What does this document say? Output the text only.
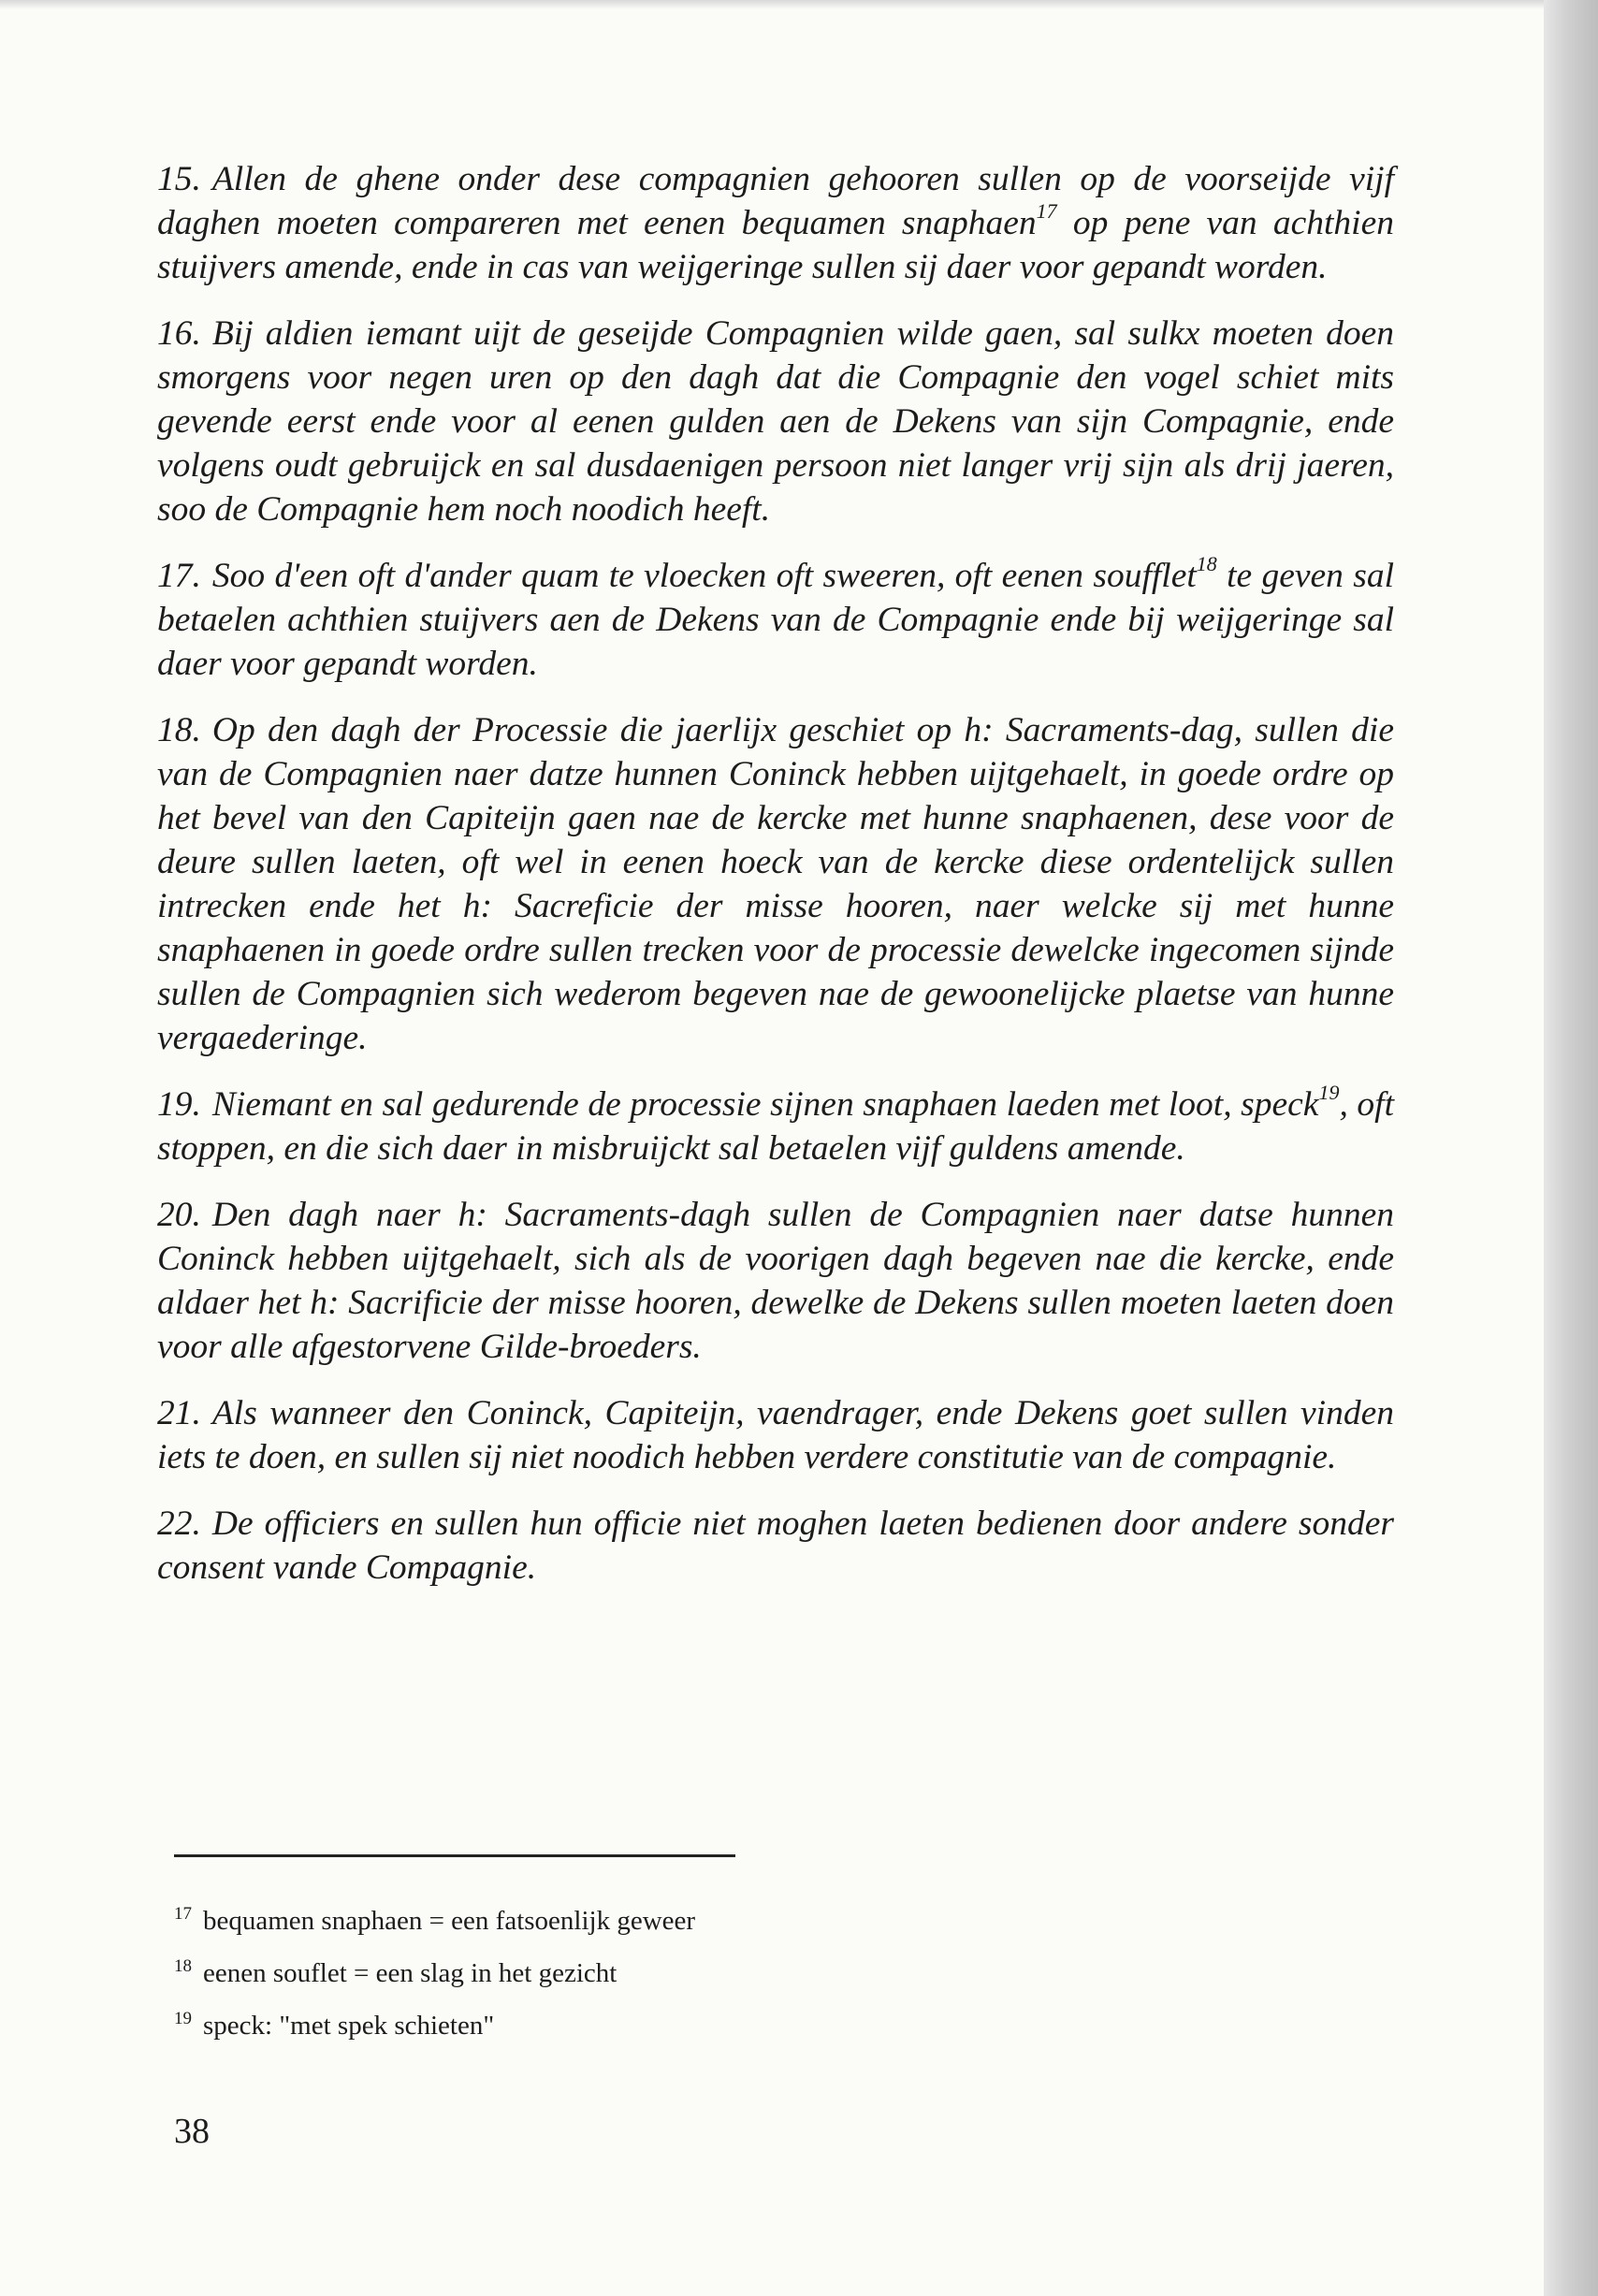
15. Allen de ghene onder dese compagnien gehooren sullen op de voorseijde vijf daghen moeten compareren met eenen bequamen snaphaen$^{17}$ op pene van achthien stuijvers amende, ende in cas van weijgeringe sullen sij daer voor gepandt worden.

16. Bij aldien iemant uijt de geseijde Compagnien wilde gaen, sal sulkx moeten doen smorgens voor negen uren op den dagh dat die Compagnie den vogel schiet mits gevende eerst ende voor al eenen gulden aen de Dekens van sijn Compagnie, ende volgens oudt gebruijck en sal dusdaenigen persoon niet langer vrij sijn als drij jaeren, soo de Compagnie hem noch noodich heeft.

17. Soo d'een oft d'ander quam te vloecken oft sweeren, oft eenen soufflet$^{18}$ te geven sal betaelen achthien stuijvers aen de Dekens van de Compagnie ende bij weijgeringe sal daer voor gepandt worden.

18. Op den dagh der Processie die jaerlijx geschiet op h: Sacraments-dag, sullen die van de Compagnien naer datze hunnen Coninck hebben uijtgehaelt, in goede ordre op het bevel van den Capiteijn gaen nae de kercke met hunne snaphaenen, dese voor de deure sullen laeten, oft wel in eenen hoeck van de kercke diese ordentelijck sullen intrecken ende het h: Sacreficie der misse hooren, naer welcke sij met hunne snaphaenen in goede ordre sullen trecken voor de processie dewelcke ingecomen sijnde sullen de Compagnien sich wederom begeven nae de gewoonelijcke plaetse van hunne vergaederinge.

19. Niemant en sal gedurende de processie sijnen snaphaen laeden met loot, speck$^{19}$, oft stoppen, en die sich daer in misbruijckt sal betaelen vijf guldens amende.

20. Den dagh naer h: Sacraments-dagh sullen de Compagnien naer datse hunnen Coninck hebben uijtgehaelt, sich als de voorigen dagh begeven nae die kercke, ende aldaer het h: Sacrificie der misse hooren, dewelke de Dekens sullen moeten laeten doen voor alle afgestorvene Gilde-broeders.

21. Als wanneer den Coninck, Capiteijn, vaendrager, ende Dekens goet sullen vinden iets te doen, en sullen sij niet noodich hebben verdere constitutie van de compagnie.

22. De officiers en sullen hun officie niet moghen laeten bedienen door andere sonder consent vande Compagnie.

$^{17}$ bequamen snaphaen = een fatsoenlijk geweer
$^{18}$ eenen souflet = een slag in het gezicht
$^{19}$ speck: "met spek schieten"
38
